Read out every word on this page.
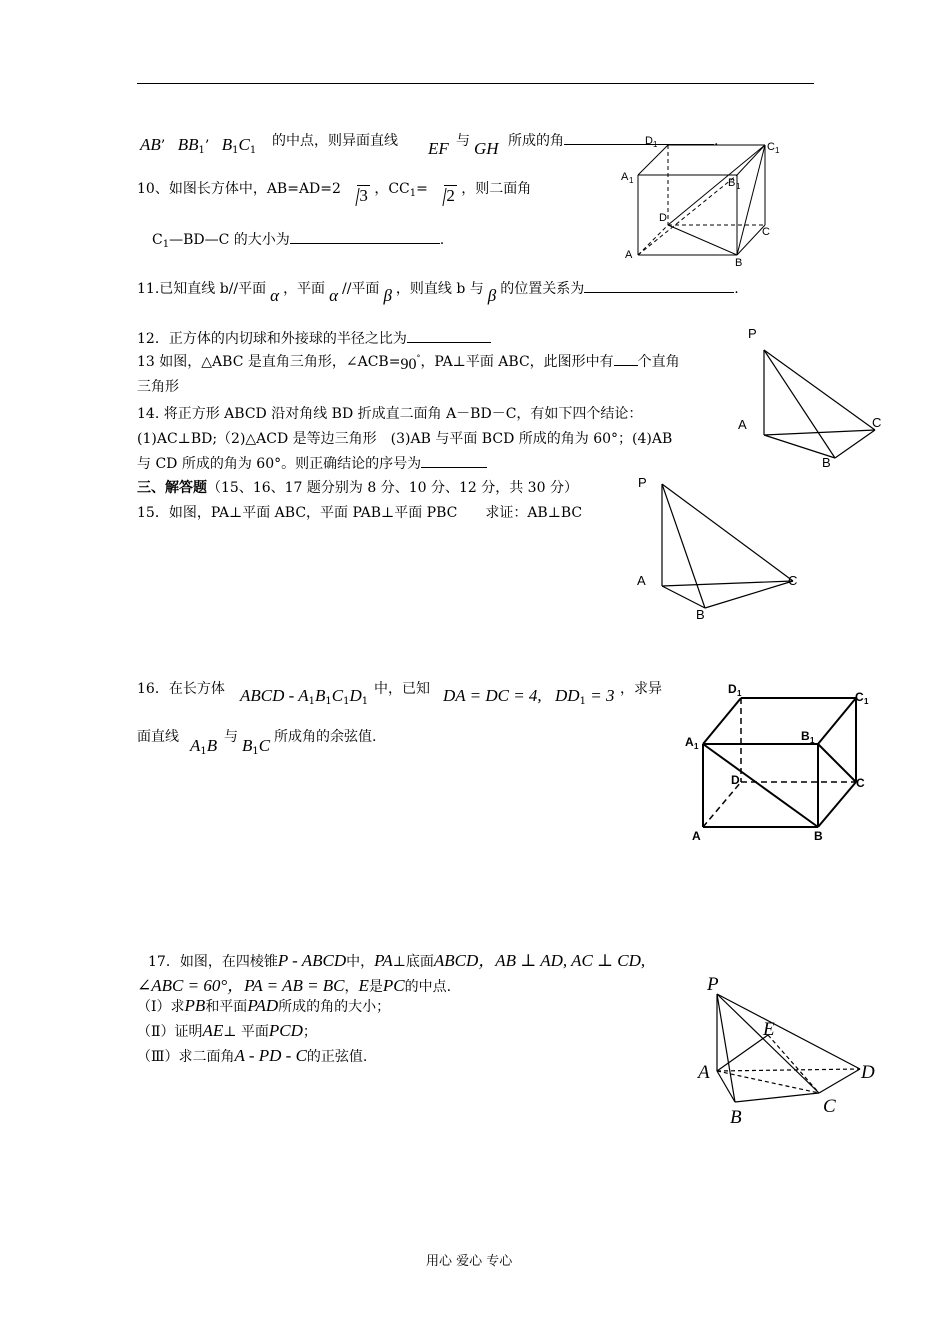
AB’ $BB_1$’ $B_1C_1$
的中点，则异面直线 EF 与 GH 所成的角	.
10、如图长方体中，AB=AD=2 3 ，$CC_1= 2$ ，则二面角
$C_1—BD—C$ 的大小为	.
D 1	C 1
A 1	B 1
D
A
C
B
11.已知直线 b//平面 α ，平面 α //平面 β ，则直线 b 与 β 的位置关系为	.
12．正方体的内切球和外接球的半径之比为
13 如图，△ABC 是直角三角形，∠ACB=90°，PA⊥平面 ABC，此图形中有 个直角
三角形
P
A	C
B
14. 将正方形 ABCD 沿对角线 BD 折成直二面角 A－BD－C，有如下四个结论：
(1)AC⊥BD;（2)△ACD 是等边三角形　(3)AB 与平面 BCD 所成的角为 60°；(4)AB
与 CD 所成的角为 60°。则正确结论的序号为
三、解答题（15、16、17 题分别为 8 分、10 分、12 分，共 30 分）
15．如图，PA⊥平面 ABC，平面 PAB⊥平面 PBC　　求证：AB⊥BC
P
A	C
B
16．在长方体 ABCD - $A_1B_1C_1D_1$
中，已知 DA = DC = 4, $DD_1 = 3$ ，求异
面直线 $A_1B$ 与 $B_1C$ 所成角的余弦值.
D 1	C 1
A 1
B 1
D	C
A	B
17．如图，在四棱锥P - ABCD中，PA⊥底面ABCD，AB ⊥ AD, AC ⊥ CD,
∠ABC = 60°，PA = AB = BC，E是PC的中点.
（Ⅰ）求PB和平面PAD所成的角的大小；
（Ⅱ）证明AE⊥ 平面PCD；
（Ⅲ）求二面角A - PD - C的正弦值.
P
E
A	D
B
C
用心 爱心 专心
